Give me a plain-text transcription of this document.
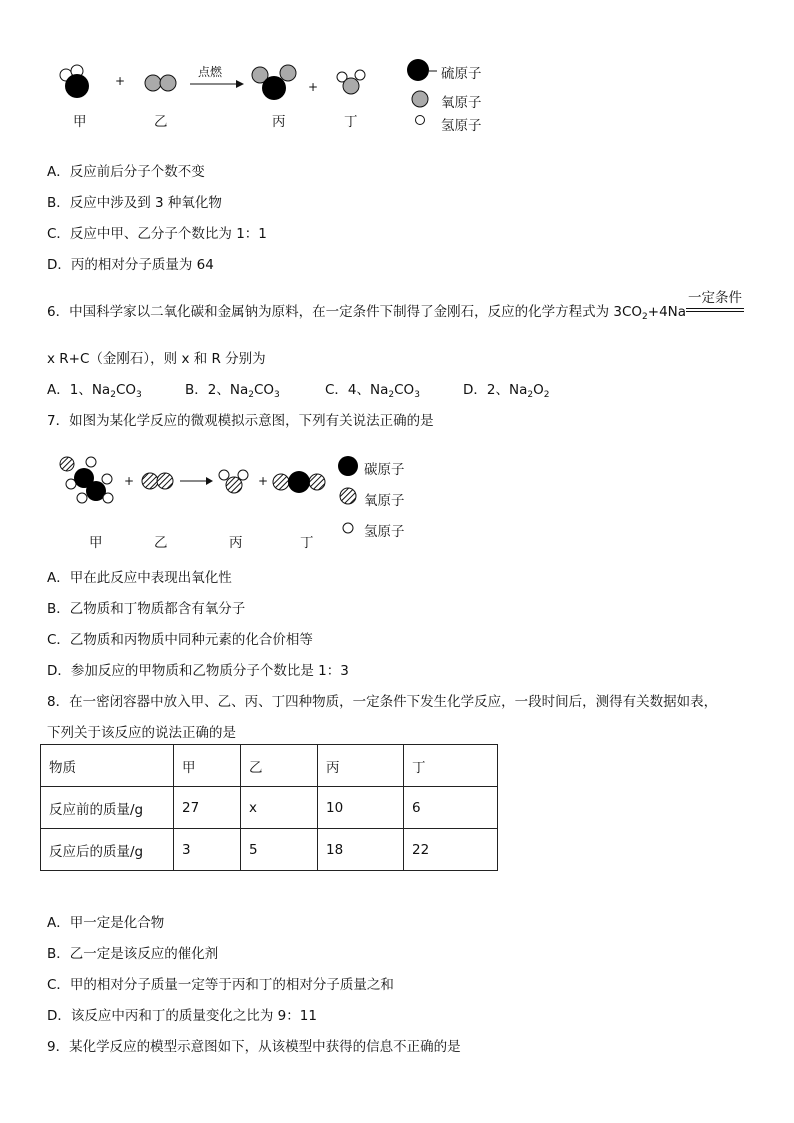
+
点燃
+
甲	乙	丙	丁
硫原子
氧原子
氢原子
A．反应前后分子个数不变
B．反应中涉及到 3 种氧化物
C．反应中甲、乙分子个数比为 1：1
D．丙的相对分子质量为 64
6．中国科学家以二氧化碳和金属钠为原料，在一定条件下制得了金刚石，反应的化学方程式为 $3CO_2+4Na$
一定条件
x R+C（金刚石），则 x 和 R 分别为
A．1、$Na_2CO_3$	B．2、$Na_2CO_3$	C．4、$Na_2CO_3$	D．2、$Na_2O_2$
7．如图为某化学反应的微观模拟示意图，下列有关说法正确的是
+	+
碳原子
氧原子
氢原子
甲	乙	丙	丁
A．甲在此反应中表现出氧化性
B．乙物质和丁物质都含有氧分子
C．乙物质和丙物质中同种元素的化合价相等
D．参加反应的甲物质和乙物质分子个数比是 1：3
8．在一密闭容器中放入甲、乙、丙、丁四种物质，一定条件下发生化学反应，一段时间后，测得有关数据如表，
下列关于该反应的说法正确的是
物质	甲	乙	丙	丁
反应前的质量/g	27	x	10	6
反应后的质量/g	3	5	18	22
A．甲一定是化合物
B．乙一定是该反应的催化剂
C．甲的相对分子质量一定等于丙和丁的相对分子质量之和
D．该反应中丙和丁的质量变化之比为 9：11
9．某化学反应的模型示意图如下，从该模型中获得的信息不正确的是
